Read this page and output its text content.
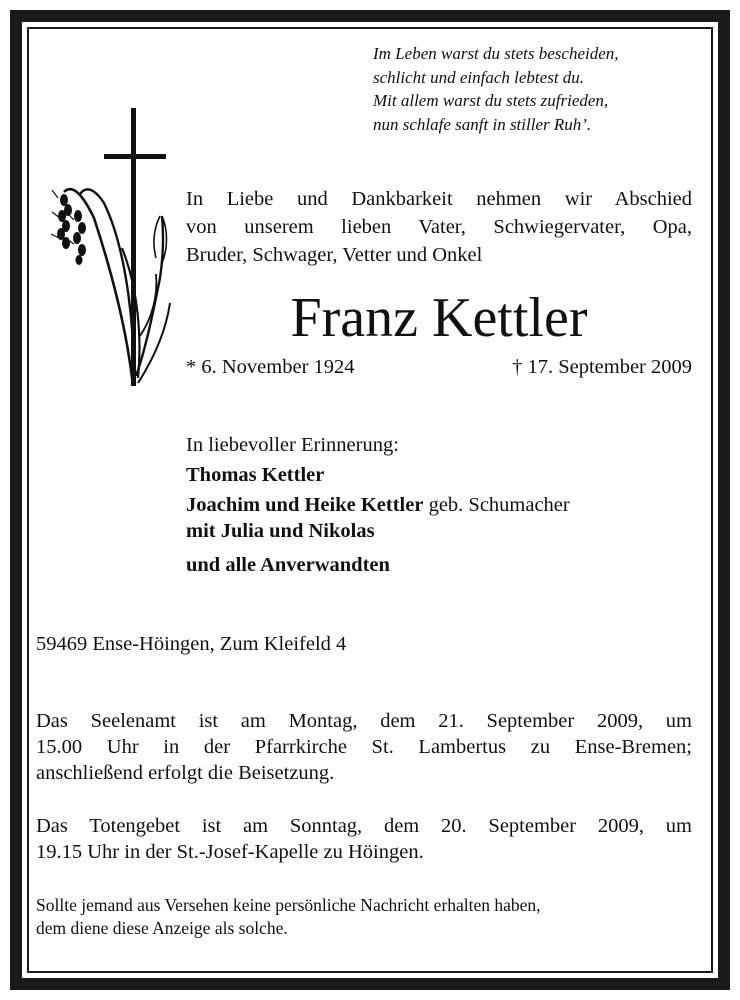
Im Leben warst du stets bescheiden,
schlicht und einfach lebtest du.
Mit allem warst du stets zufrieden,
nun schlafe sanft in stiller Ruh’.
In Liebe und Dankbarkeit nehmen wir Abschied
von unserem lieben Vater, Schwiegervater, Opa,
Bruder, Schwager, Vetter und Onkel
Franz Kettler
* 6. November 1924	† 17. September 2009
In liebevoller Erinnerung:
Thomas Kettler
Joachim und Heike Kettler geb. Schumacher
mit Julia und Nikolas
und alle Anverwandten
59469 Ense-Höingen, Zum Kleifeld 4
Das Seelenamt ist am Montag, dem 21. September 2009, um
15.00 Uhr in der Pfarrkirche St. Lambertus zu Ense-Bremen;
anschließend erfolgt die Beisetzung.
Das Totengebet ist am Sonntag, dem 20. September 2009, um
19.15 Uhr in der St.-Josef-Kapelle zu Höingen.
Sollte jemand aus Versehen keine persönliche Nachricht erhalten haben,
dem diene diese Anzeige als solche.
